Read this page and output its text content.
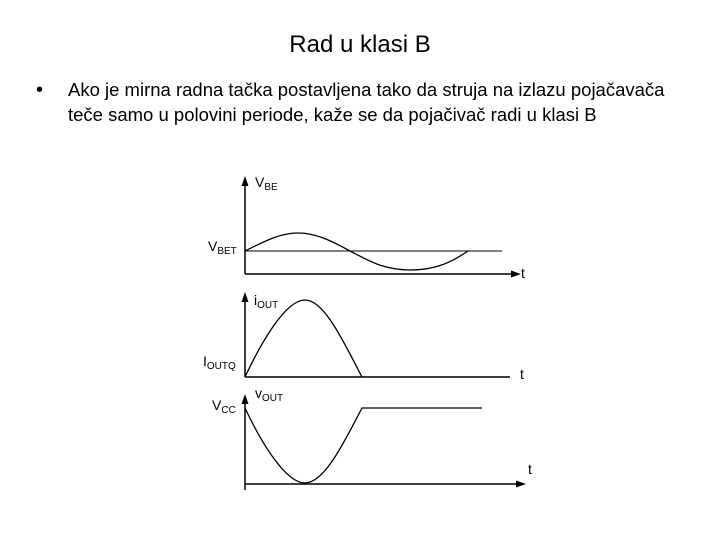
Rad u klasi B
• Ako je mirna radna tačka postavljena tako da struja na izlazu pojačavača teče samo u polovini periode, kaže se da pojačivač radi u klasi B
$V_{BE}$
$V_{BET}$
t
$i_{OUT}$
$I_{OUTQ}$	t
$v_{OUT}$
$V_{CC}$
t
